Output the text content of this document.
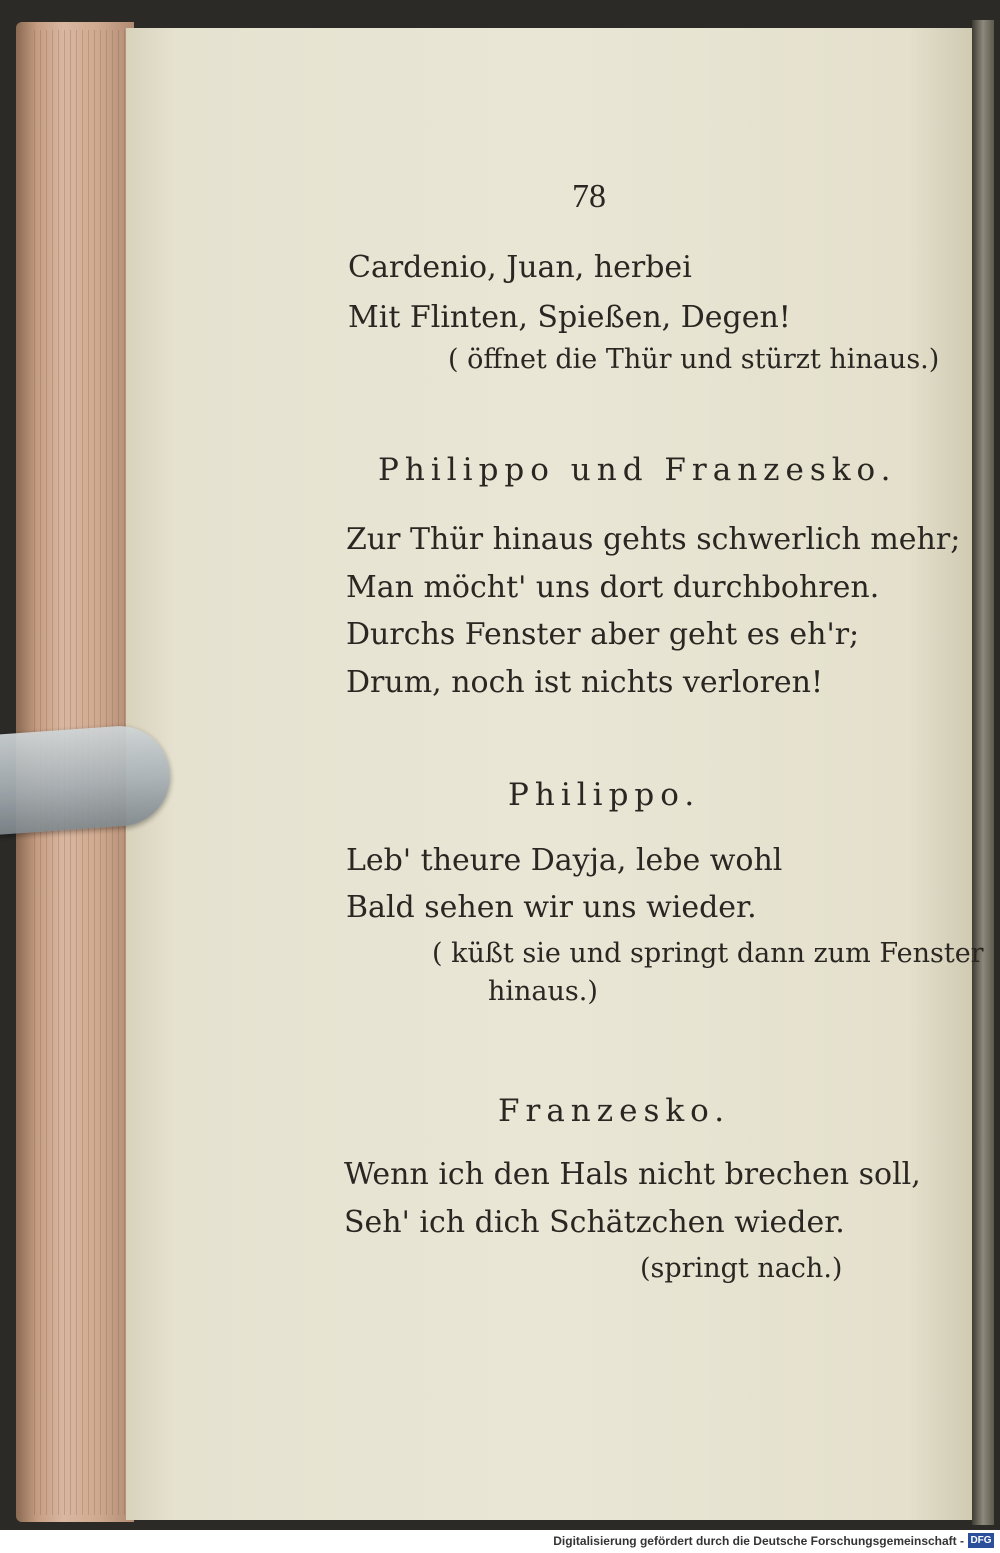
78
Cardenio, Juan, herbei
Mit Flinten, Spießen, Degen!
( öffnet die Thür und stürzt hinaus.)
Philippo und Franzesko.
Zur Thür hinaus gehts schwerlich mehr;
Man möcht' uns dort durchbohren.
Durchs Fenster aber geht es eh'r;
Drum, noch ist nichts verloren!
Philippo.
Leb' theure Dayja, lebe wohl
Bald sehen wir uns wieder.
( küßt sie und springt dann zum Fenster
hinaus.)
Franzesko.
Wenn ich den Hals nicht brechen soll,
Seh' ich dich Schätzchen wieder.
(springt nach.)
Digitalisierung gefördert durch die Deutsche Forschungsgemeinschaft - DFG
